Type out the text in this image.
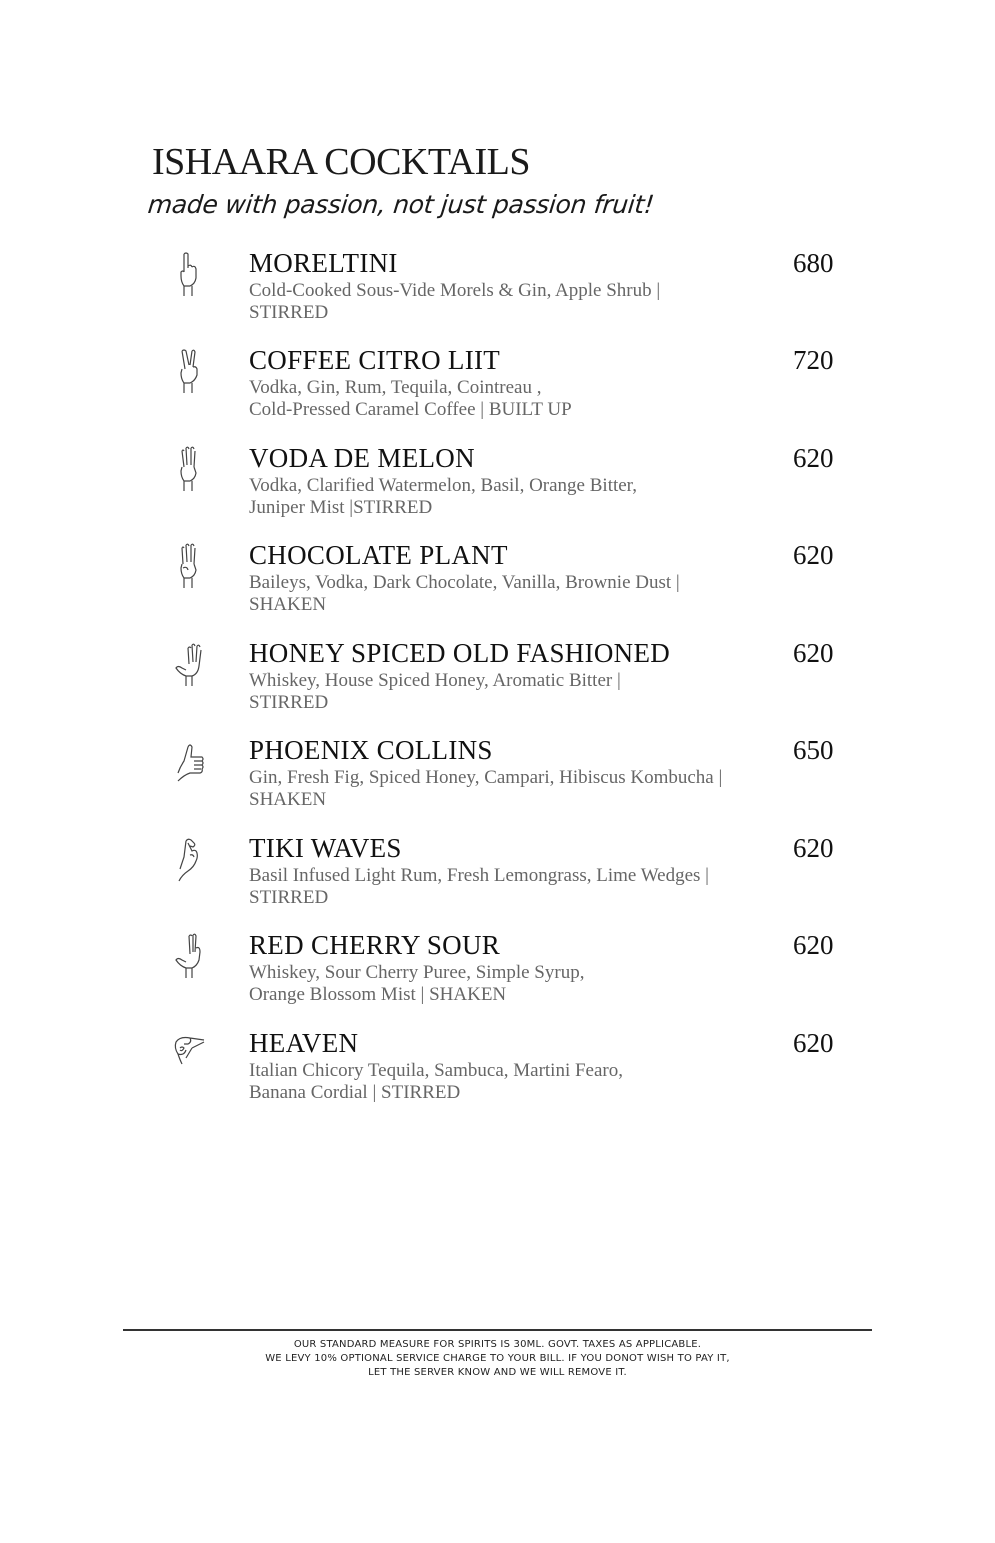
ISHAARA COCKTAILS
made with passion, not just passion fruit!
MORELTINI	680
Cold-Cooked Sous-Vide Morels & Gin, Apple Shrub |
STIRRED
COFFEE CITRO LIIT	720
Vodka, Gin, Rum, Tequila, Cointreau ,
Cold-Pressed Caramel Coffee | BUILT UP
VODA DE MELON	620
Vodka, Clarified Watermelon, Basil, Orange Bitter,
Juniper Mist |STIRRED
CHOCOLATE PLANT	620
Baileys, Vodka, Dark Chocolate, Vanilla, Brownie Dust |
SHAKEN
HONEY SPICED OLD FASHIONED	620
Whiskey, House Spiced Honey, Aromatic Bitter |
STIRRED
PHOENIX COLLINS	650
Gin, Fresh Fig, Spiced Honey, Campari, Hibiscus Kombucha |
SHAKEN
TIKI WAVES	620
Basil Infused Light Rum, Fresh Lemongrass, Lime Wedges |
STIRRED
RED CHERRY SOUR	620
Whiskey, Sour Cherry Puree, Simple Syrup,
Orange Blossom Mist | SHAKEN
HEAVEN	620
Italian Chicory Tequila, Sambuca, Martini Fearo,
Banana Cordial | STIRRED
OUR STANDARD MEASURE FOR SPIRITS IS 30ML. GOVT. TAXES AS APPLICABLE.
WE LEVY 10% OPTIONAL SERVICE CHARGE TO YOUR BILL. IF YOU DONOT WISH TO PAY IT,
LET THE SERVER KNOW AND WE WILL REMOVE IT.
